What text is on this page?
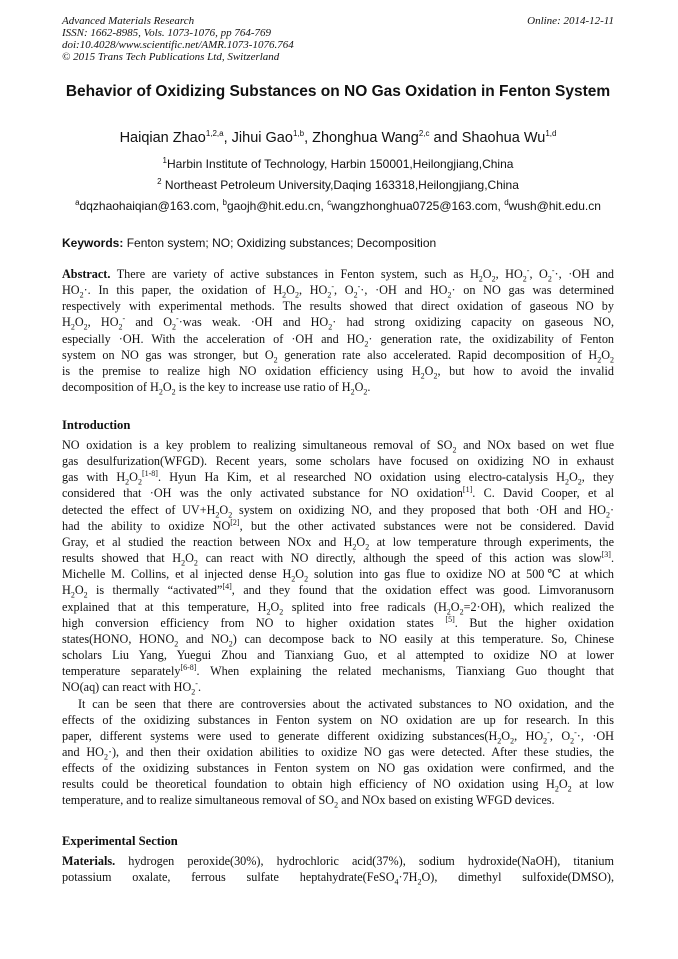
Advanced Materials Research
ISSN: 1662-8985, Vols. 1073-1076, pp 764-769
doi:10.4028/www.scientific.net/AMR.1073-1076.764
© 2015 Trans Tech Publications Ltd, Switzerland
Online: 2014-12-11
Behavior of Oxidizing Substances on NO Gas Oxidation in Fenton System
Haiqian Zhao$^{1,2,a}$, Jihui Gao$^{1,b}$, Zhonghua Wang$^{2,c}$ and Shaohua Wu$^{1,d}$
$^1$Harbin Institute of Technology, Harbin 150001,Heilongjiang,China
$^2$ Northeast Petroleum University,Daqing 163318,Heilongjiang,China
$^a$dqzhaohaiqian@163.com, $^b$gaojh@hit.edu.cn, $^c$wangzhonghua0725@163.com, $^d$wush@hit.edu.cn
Keywords: Fenton system; NO; Oxidizing substances; Decomposition
Abstract. There are variety of active substances in Fenton system, such as $H_2O_2$, $HO_2^-$, $O_2^-\cdot$, ·OH and
$HO_2\cdot$. In this paper, the oxidation of $H_2O_2$, $HO_2^-$, $O_2^-\cdot$, ·OH and $HO_2\cdot$ on NO gas was determined
respectively with experimental methods. The results showed that direct oxidation of gaseous NO by
$H_2O_2$, $HO_2^-$ and $O_2^-\cdot was$ weak. ·OH and $HO_2\cdot$ had strong oxidizing capacity on gaseous NO,
especially ·OH. With the acceleration of ·OH and $HO_2\cdot$ generation rate, the oxidizability of Fenton
system on NO gas was stronger, but $O_2$ generation rate also accelerated. Rapid decomposition of $H_2O_2$
is the premise to realize high NO oxidation efficiency using $H_2O_2$, but how to avoid the invalid
decomposition of $H_2O_2$ is the key to increase use ratio of $H_2O_2$.
Introduction
NO oxidation is a key problem to realizing simultaneous removal of $SO_2$ and NOx based on wet flue
gas desulfurization(WFGD). Recent years, some scholars have focused on oxidizing NO in exhaust
gas with $H_2O_2[1-8]$. Hyun Ha Kim, et al researched NO oxidation using electro-catalysis $H_2O_2$, they
considered that ·OH was the only activated substance for NO oxidation[1]. C. David Cooper, et al
detected the effect of $UV+H_2O_2$ system on oxidizing NO, and they proposed that both ·OH and $HO_2\cdot$
had the ability to oxidize NO[2], but the other activated substances were not be considered. David
Gray, et al studied the reaction between NOx and $H_2O_2$ at low temperature through experiments, the
results showed that $H_2O_2$ can react with NO directly, although the speed of this action was slow[3].
Michelle M. Collins, et al injected dense $H_2O_2$ solution into gas flue to oxidize NO at 500℃ at which
$H_2O_2$ is thermally “activated”[4], and they found that the oxidation effect was good. Limvoranusorn
explained that at this temperature, $H_2O_2$ splited into free radicals $(H_2O_2=2\cdot OH)$, which realized the
high conversion efficiency from NO to higher oxidation states [5]. But the higher oxidation
states(HONO, $HONO_2$ and $NO_2$) can decompose back to NO easily at this temperature. So, Chinese
scholars Liu Yang, Yuegui Zhou and Tianxiang Guo, et al attempted to oxidize NO at lower
temperature separately[6-8]. When explaining the related mechanisms, Tianxiang Guo thought that
NO(aq) can react with $HO_2^-$.
It can be seen that there are controversies about the activated substances to NO oxidation, and the
effects of the oxidizing substances in Fenton system on NO oxidation are up for research. In this
paper, different systems were used to generate different oxidizing $substances(H_2O_2$, $HO_2^-$, $O_2^-\cdot$, ·OH
and $HO_2\cdot$), and then their oxidation abilities to oxidize NO gas were detected. After these studies, the
effects of the oxidizing substances in Fenton system on NO gas oxidation were confirmed, and the
results could be theoretical foundation to obtain high efficiency of NO oxidation using $H_2O_2$ at low
temperature, and to realize simultaneous removal of $SO_2$ and NOx based on existing WFGD devices.
Experimental Section
Materials. hydrogen peroxide(30%), hydrochloric acid(37%), sodium hydroxide(NaOH), titanium
potassium oxalate, ferrous sulfate $heptahydrate(FeSO_4\cdot 7H_2O)$, dimethyl sulfoxide(DMSO),
